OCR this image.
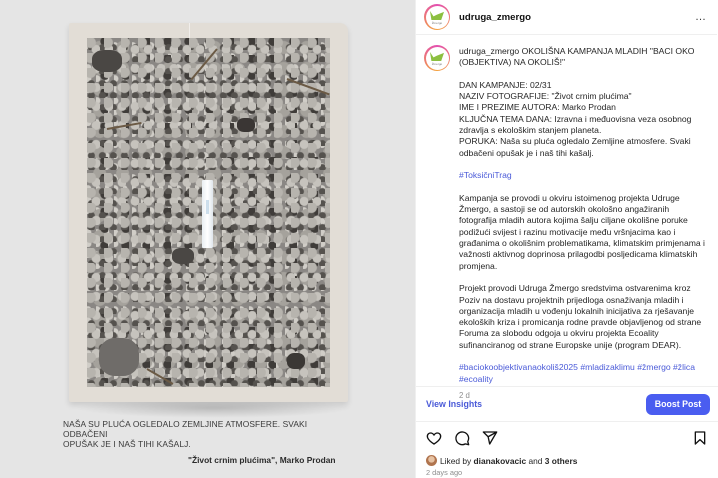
NAŠA SU PLUĆA OGLEDALO ZEMLJINE ATMOSFERE. SVAKI ODBAČENI
OPUŠAK JE I NAŠ TIHI KAŠALJ.
"Život crnim plućima", Marko Prodan
Žmergo udruga_zmergo	…
Žmergo

udruga_zmergo OKOLIŠNA KAMPANJA MLADIH "BACI OKO (OBJEKTIVA) NA OKOLIŠ!"

DAN KAMPANJE: 02/31
NAZIV FOTOGRAFIJE: "Život crnim plućima"
IME I PREZIME AUTORA: Marko Prodan
KLJUČNA TEMA DANA: Izravna i međuovisna veza osobnog zdravlja s ekološkim stanjem planeta.
PORUKA: Naša su pluća ogledalo Zemljine atmosfere. Svaki odbačeni opušak je i naš tihi kašalj.

#ToksičniTrag

Kampanja se provodi u okviru istoimenog projekta Udruge Žmergo, a sastoji se od autorskih okološno angažiranih fotografija mladih autora kojima šalju ciljane okolišne poruke podižući svijest i razinu motivacije među vršnjacima kao i građanima o okolišnim problematikama, klimatskim primjenama i važnosti aktivnog doprinosa prilagodbi posljedicama klimatskih promjena.

Projekt provodi Udruga Žmergo sredstvima ostvarenima kroz Poziv na dostavu projektnih prijedloga osnaživanja mladih i organizacija mladih u vođenju lokalnih inicijativa za rješavanje ekoloških kriza i promicanja rodne pravde objavljenog od strane Foruma za slobodu odgoja u okviru projekta Ecoality sufinanciranog od strane Europske unije (program DEAR).

#baciokoobjektivanaokoliš2025 #mladizaklimu #žmergo #žlica #ecoality

2 d
View Insights	Boost Post
Liked by
dianakovacic
and
3 others
2 days ago
